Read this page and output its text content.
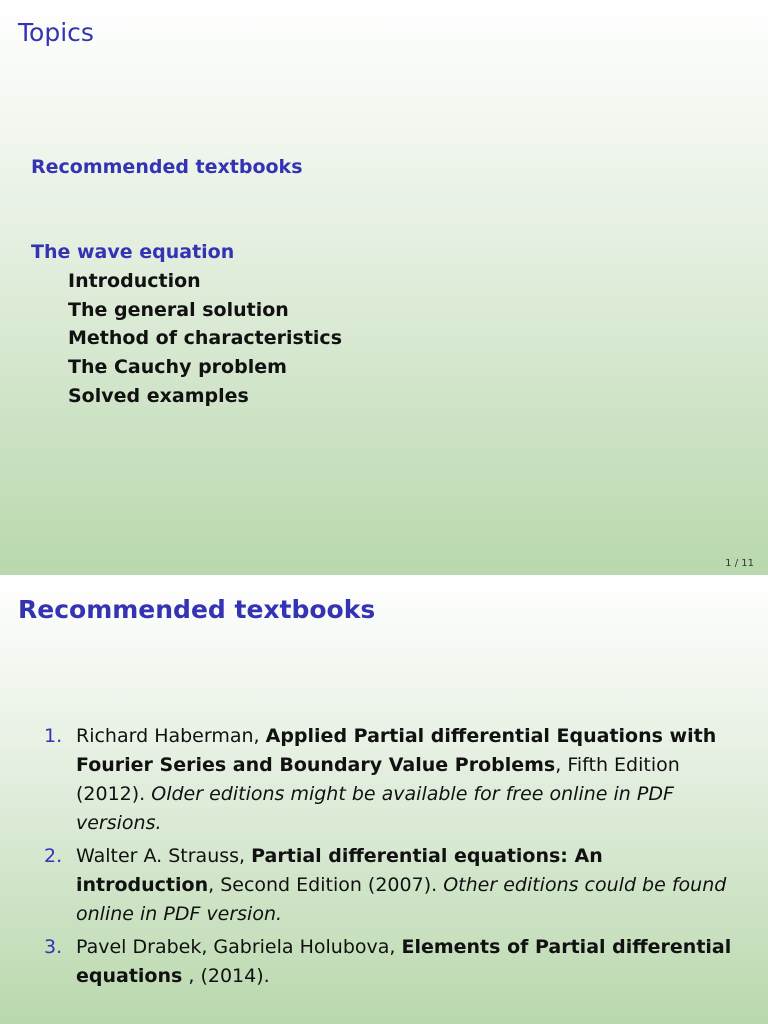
Topics
Recommended textbooks
The wave equation
Introduction
The general solution
Method of characteristics
The Cauchy problem
Solved examples
1 / 11
Recommended textbooks
1. Richard Haberman, Applied Partial differential Equations with Fourier Series and Boundary Value Problems, Fifth Edition (2012). Older editions might be available for free online in PDF versions.
2. Walter A. Strauss, Partial differential equations: An introduction, Second Edition (2007). Other editions could be found online in PDF version.
3. Pavel Drabek, Gabriela Holubova, Elements of Partial differential equations , (2014).
